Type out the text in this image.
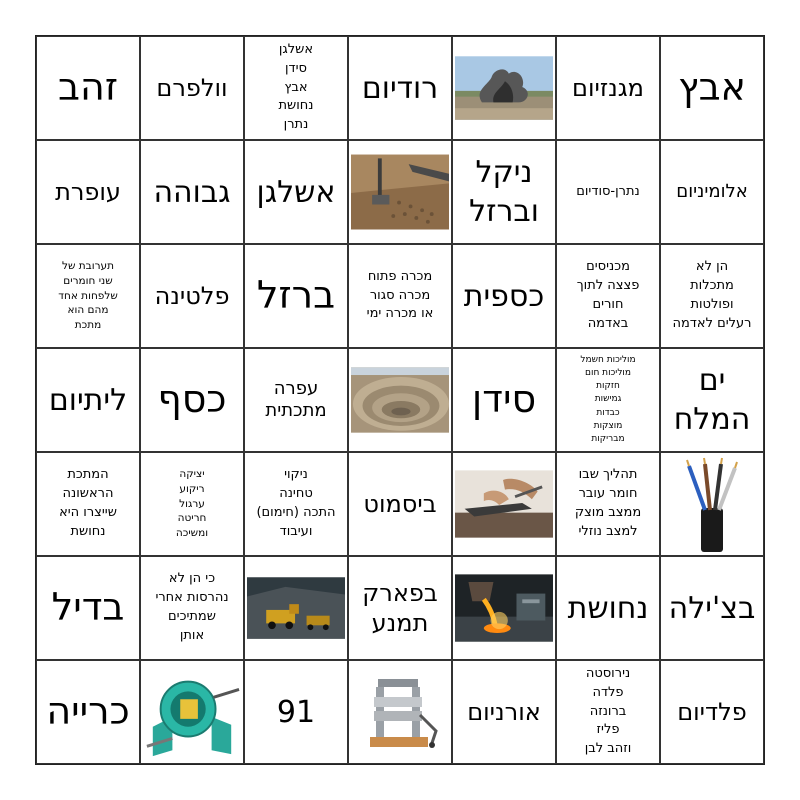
זהב וולפרם
אשלגן
סידן
אבץ
נחושת
נתרן
רודיום	מגנזיום אבץ
עופרת גבוהה אשלגן
ניקל
וברזל
נתרן-סודיום אלומיניום
תערובת של
שני חומרים
שלפחות אחד
מהם הוא
מתכת
פלטינה ברזל	מכרה פתוח
מכרה סגור
או מכרה ימי
כספית
מכניסים
פצצה לתוך
חורים
באדמה
הן לא
מתכלות
ופולטות
רעלים לאדמה
ליתיום כסף	עפרה
מתכתית	סידן
מוליכות חשמל
מוליכות חום
חזקות
גמישות
כבדות
מוצקות
מבריקות
ים
המלח
המתכת
הראשונה
שייצרו היא
נחושת
יציקה
ריקוע
ערגול
חריטה
ומשיכה
ניקוי
טחינה
התכה (חימום)
ועיבוד
ביסמוט
תהליך שבו
חומר עובר
ממצב מוצק
למצב נוזלי
בדיל
כי הן לא
נהרסות אחרי
שמתיכים
אותן
בפארק
תמנע	נחושת בצ'ילה
כרייה	91	אורניום
נירוסטה
פלדה
ברונזה
פליז
וזהב לבן
פלדיום
